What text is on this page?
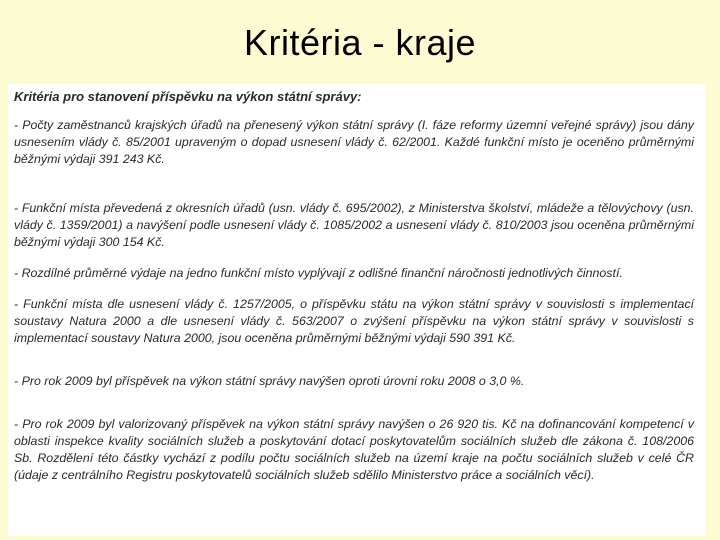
Kritéria - kraje

Kritéria pro stanovení příspěvku na výkon státní správy:

- Počty zaměstnanců krajských úřadů na přenesený výkon státní správy (I. fáze reformy územní veřejné správy) jsou dány usnesením vlády č. 85/2001 upraveným o dopad usnesení vlády č. 62/2001. Každé funkční místo je oceněno průměrnými běžnými výdaji 391 243 Kč.

- Funkční místa převedená z okresních úřadů (usn. vlády č. 695/2002), z Ministerstva školství, mládeže a tělovýchovy (usn. vlády č. 1359/2001) a navýšení podle usnesení vlády č. 1085/2002 a usnesení vlády č. 810/2003 jsou oceněna průměrnými běžnými výdaji 300 154 Kč.

- Rozdílné průměrné výdaje na jedno funkční místo vyplývají z odlišné finanční náročnosti jednotlivých činností.

- Funkční místa dle usnesení vlády č. 1257/2005, o příspěvku státu na výkon státní správy v souvislosti s implementací soustavy Natura 2000 a dle usnesení vlády č. 563/2007 o zvýšení příspěvku na výkon státní správy v souvislosti s implementací soustavy Natura 2000, jsou oceněna průměrnými běžnými výdaji 590 391 Kč.

- Pro rok 2009 byl příspěvek na výkon státní správy navýšen oproti úrovni roku 2008 o 3,0 %.

- Pro rok 2009 byl valorizovaný příspěvek na výkon státní správy navýšen o 26 920 tis. Kč na dofinancování kompetencí v oblasti inspekce kvality sociálních služeb a poskytování dotací poskytovatelům sociálních služeb dle zákona č. 108/2006 Sb. Rozdělení této částky vychází z podílu počtu sociálních služeb na území kraje na počtu sociálních služeb v celé ČR (údaje z centrálního Registru poskytovatelů sociálních služeb sdělilo Ministerstvo práce a sociálních věcí).
